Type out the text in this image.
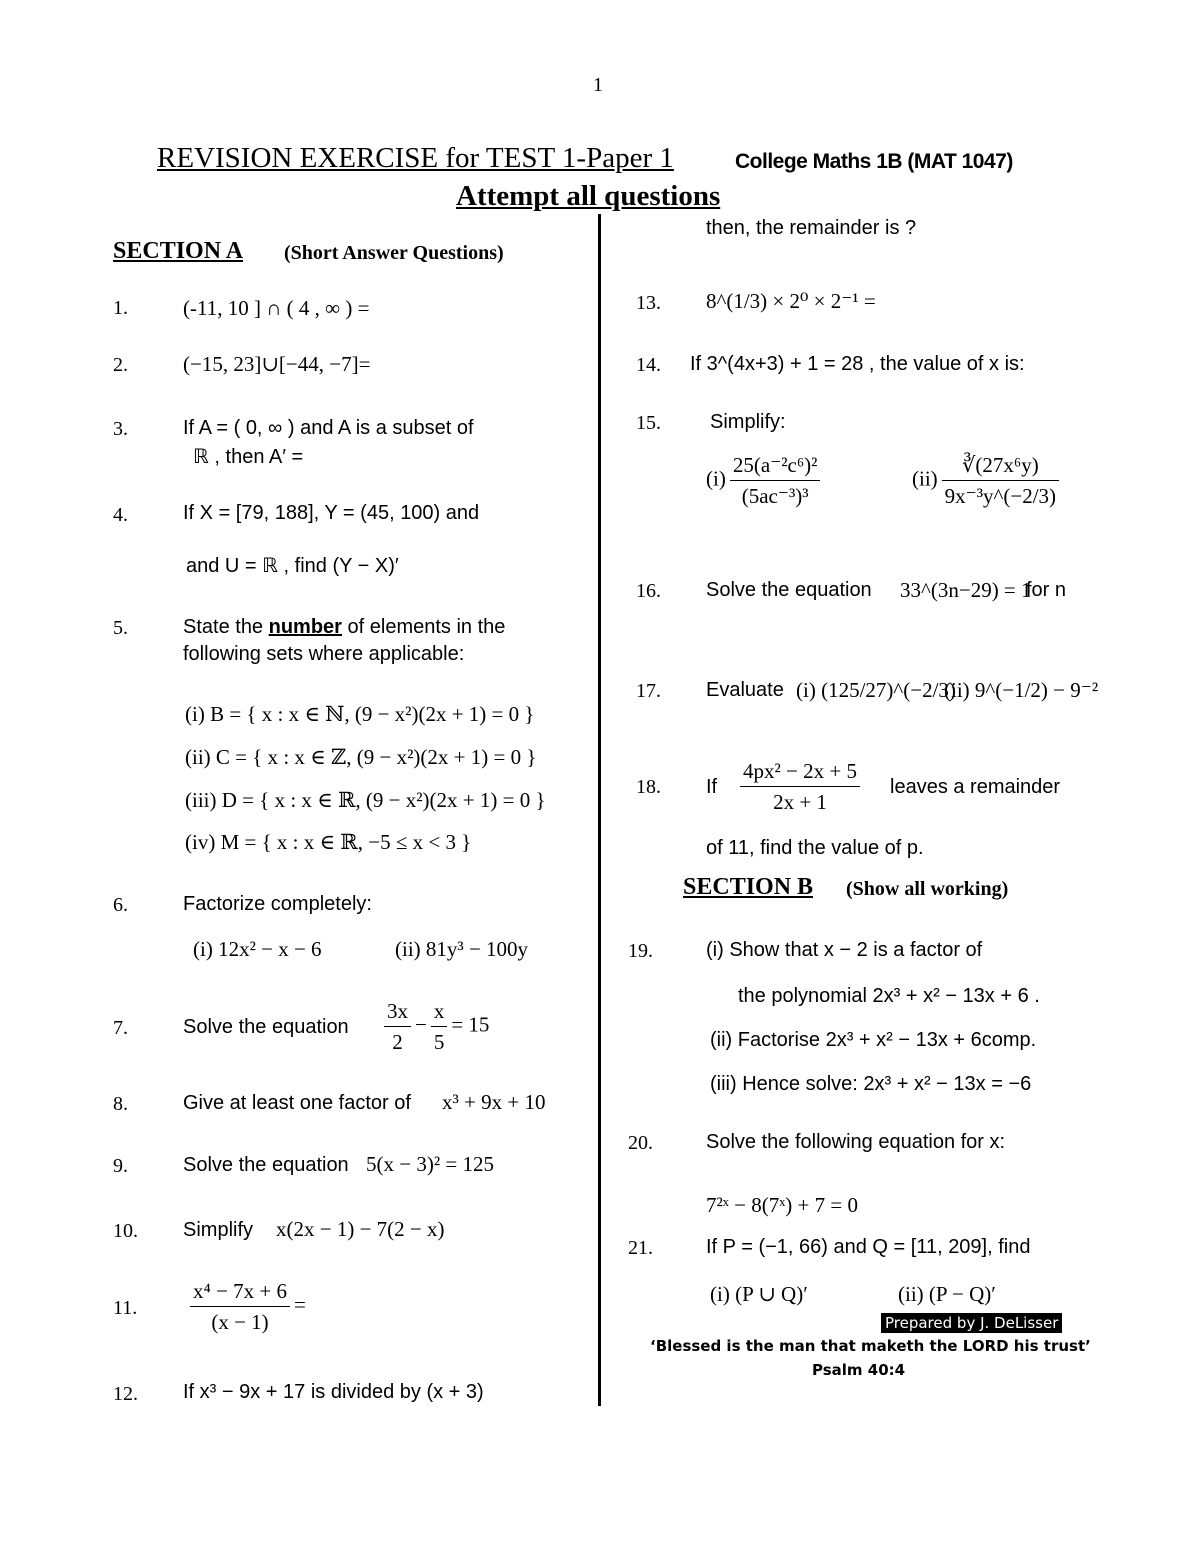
1
REVISION EXERCISE for TEST 1-Paper 1	College Maths 1B (MAT 1047)
Attempt all questions
SECTION A (Short Answer Questions)
1.	(-11, 10 ] ∩ ( 4 , ∞ ) =
2.	(−15, 23]∪[−44, −7]=
3.	If A = ( 0, ∞ ) and A is a subset of
ℝ , then A′ =
4.	If X = [79, 188], Y = (45, 100) and
and U = ℝ , find (Y − X)′
5.	State the number of elements in the
following sets where applicable:
(i) B = { x : x ∈ ℕ, (9 − x²)(2x + 1) = 0 }
(ii) C = { x : x ∈ ℤ, (9 − x²)(2x + 1) = 0 }
(iii) D = { x : x ∈ ℝ, (9 − x²)(2x + 1) = 0 }
(iv) M = { x : x ∈ ℝ, −5 ≤ x < 3 }
6.	Factorize completely:
(i) 12x² − x − 6	(ii) 81y³ − 100y
7.	Solve the equation $\frac{3x}{2} - \frac{x}{5} = 15$
8.	Give at least one factor of x³ + 9x + 10
9.	Solve the equation 5(x − 3)² = 125
10. Simplify x(2x − 1) − 7(2 − x)
11.	$\frac{\text{x⁴ − 7x + 6}}{(x - 1)}$ =
12. If x³ − 9x + 17 is divided by (x + 3)
then, the remainder is ?
13. 8^(1/3) × 2⁰ × 2⁻¹ =
14. If 3^(4x+3) + 1 = 28 , the value of x is:
15. Simplify:
$(i) \frac{\text{25(a⁻²c⁶)²}}{\text{(5ac⁻³)³}}$	$(ii) \frac{\text{∛(27x⁶y)}}{\text{9x⁻³y\textasciicircum{}(−2/3)}}$
16. Solve the equation 33^(3n−29) = 1
for n
17. Evaluate (i) (125/27)^(−2/3)
(ii) 9^(−1/2) − 9⁻²
18. If $\frac{\text{4px² − 2x + 5}}{2x + 1}$ leaves a remainder
of 11, find the value of p.
SECTION B (Show all working)
19.	(i) Show that x − 2 is a factor of
the polynomial 2x³ + x² − 13x + 6 .
(ii) Factorise 2x³ + x² − 13x + 6comp.
(iii) Hence solve: 2x³ + x² − 13x = −6
20.	Solve the following equation for x:
7²ˣ − 8(7ˣ) + 7 = 0
21.	If P = (−1, 66) and Q = [11, 209], find
(i) (P ∪ Q)′	(ii) (P − Q)′
Prepared by J. DeLisser
‘Blessed is the man that maketh the LORD his trust’
Psalm 40:4
